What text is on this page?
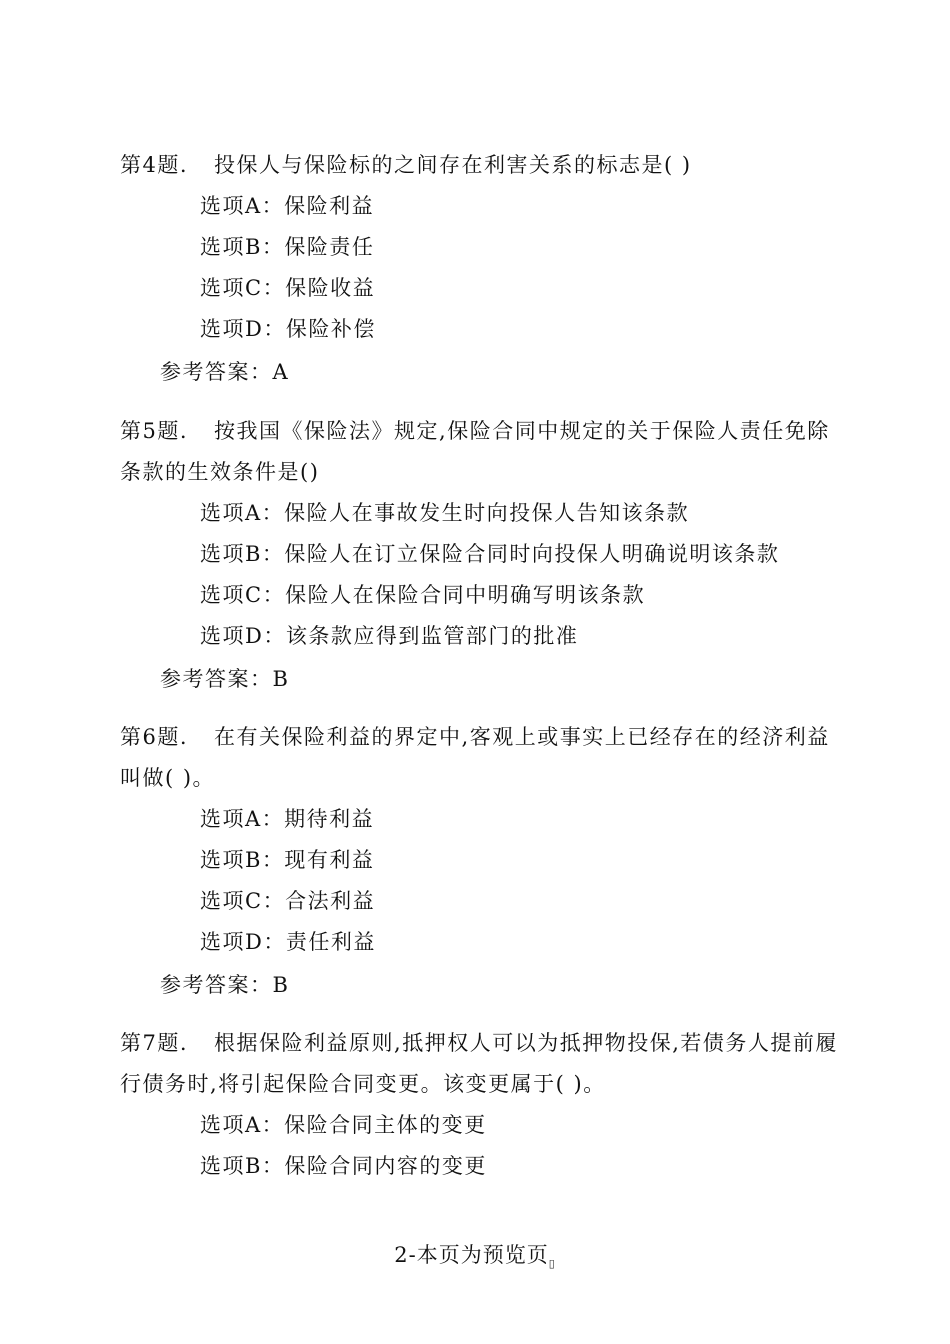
第4题. 投保人与保险标的之间存在利害关系的标志是( )

选项A：保险利益

选项B：保险责任

选项C：保险收益

选项D：保险补偿

参考答案：A

第5题. 按我国《保险法》规定,保险合同中规定的关于保险人责任免除条款的生效条件是()

选项A：保险人在事故发生时向投保人告知该条款

选项B：保险人在订立保险合同时向投保人明确说明该条款

选项C：保险人在保险合同中明确写明该条款

选项D：该条款应得到监管部门的批准

参考答案：B

第6题. 在有关保险利益的界定中,客观上或事实上已经存在的经济利益叫做( )。

选项A：期待利益

选项B：现有利益

选项C：合法利益

选项D：责任利益

参考答案：B

第7题. 根据保险利益原则,抵押权人可以为抵押物投保,若债务人提前履行债务时,将引起保险合同变更。该变更属于( )。

选项A：保险合同主体的变更

选项B：保险合同内容的变更

2-本页为预览页$_▯$
